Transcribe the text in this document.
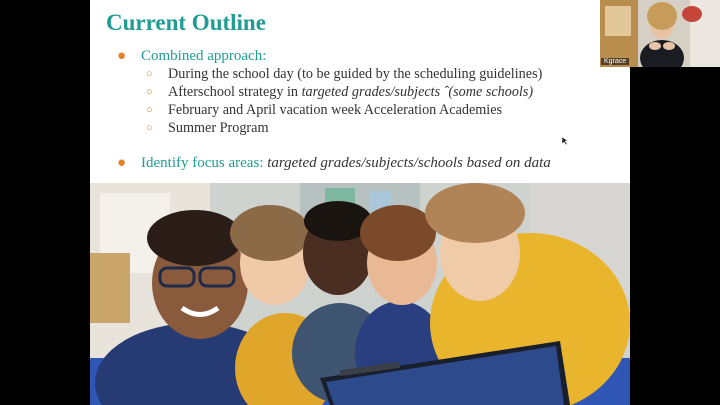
Current Outline
● Combined approach:
○ During the school day (to be guided by the scheduling guidelines)
○ Afterschool strategy in targeted grades/subjects ˆ(some schools)
○ February and April vacation week Acceleration Academies
○ Summer Program
● Identify focus areas: targeted grades/subjects/schools based on data
Kgrace
